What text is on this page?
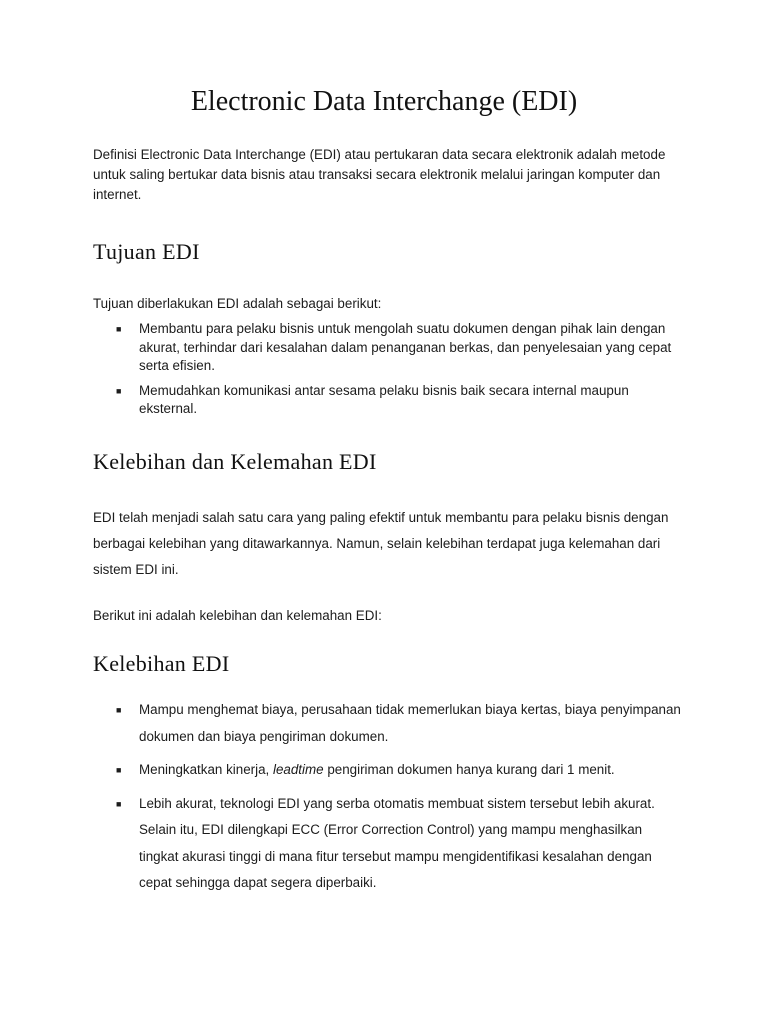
Electronic Data Interchange (EDI)

Definisi Electronic Data Interchange (EDI) atau pertukaran data secara elektronik adalah metode untuk saling bertukar data bisnis atau transaksi secara elektronik melalui jaringan komputer dan internet.

Tujuan EDI

Tujuan diberlakukan EDI adalah sebagai berikut:

■ Membantu para pelaku bisnis untuk mengolah suatu dokumen dengan pihak lain dengan akurat, terhindar dari kesalahan dalam penanganan berkas, dan penyelesaian yang cepat serta efisien.
■ Memudahkan komunikasi antar sesama pelaku bisnis baik secara internal maupun eksternal.
Kelebihan dan Kelemahan EDI

EDI telah menjadi salah satu cara yang paling efektif untuk membantu para pelaku bisnis dengan berbagai kelebihan yang ditawarkannya. Namun, selain kelebihan terdapat juga kelemahan dari sistem EDI ini.

Berikut ini adalah kelebihan dan kelemahan EDI:

Kelebihan EDI
■ Mampu menghemat biaya, perusahaan tidak memerlukan biaya kertas, biaya penyimpanan dokumen dan biaya pengiriman dokumen.
■ Meningkatkan kinerja, leadtime pengiriman dokumen hanya kurang dari 1 menit.
■ Lebih akurat, teknologi EDI yang serba otomatis membuat sistem tersebut lebih akurat. Selain itu, EDI dilengkapi ECC (Error Correction Control) yang mampu menghasilkan tingkat akurasi tinggi di mana fitur tersebut mampu mengidentifikasi kesalahan dengan cepat sehingga dapat segera diperbaiki.
